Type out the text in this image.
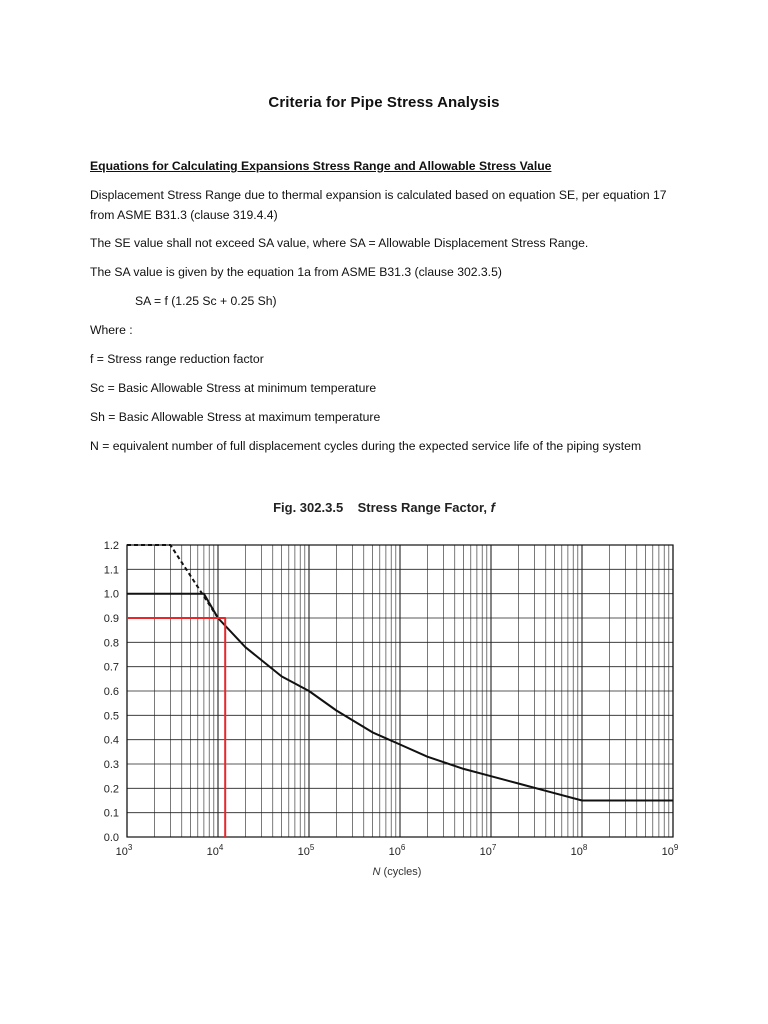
Criteria for Pipe Stress Analysis
Equations for Calculating Expansions Stress Range and Allowable Stress Value
Displacement Stress Range due to thermal expansion is calculated based on equation SE, per equation 17 from ASME B31.3 (clause 319.4.4)
The SE value shall not exceed SA value, where SA = Allowable Displacement Stress Range.
The SA value is given by the equation 1a from ASME B31.3 (clause 302.3.5)
SA = f (1.25 Sc + 0.25 Sh)
Where :
f = Stress range reduction factor
Sc = Basic Allowable Stress at minimum temperature
Sh = Basic Allowable Stress at maximum temperature
N = equivalent number of full displacement cycles during the expected service life of the piping system
Fig. 302.3.5 Stress Range Factor, f
0.0
0.1
0.2
0.3
0.4
0.5
0.6
0.7
0.8
0.9
1.0
1.1
1.2
$10^3$	$10^4$	$10^5$	$10^6$	$10^7$	$10^8$	$10^9$
N (cycles)
